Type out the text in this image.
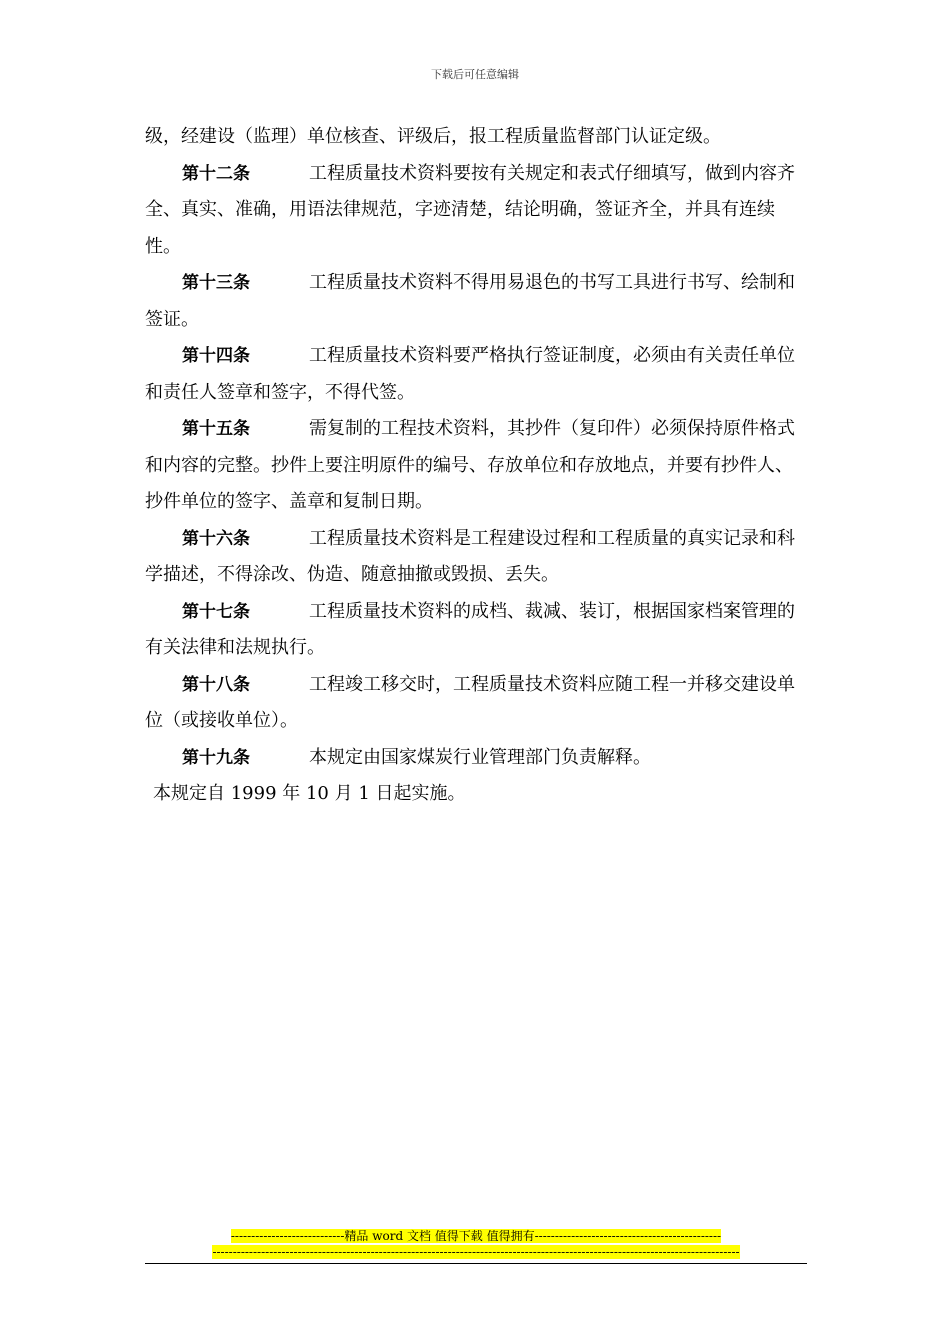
下载后可任意编辑

级，经建设（监理）单位核查、评级后，报工程质量监督部门认证定级。

第十二条	工程质量技术资料要按有关规定和表式仔细填写，做到内容齐全、真实、准确，用语法律规范，字迹清楚，结论明确，签证齐全，并具有连续性。

第十三条	工程质量技术资料不得用易退色的书写工具进行书写、绘制和签证。

第十四条	工程质量技术资料要严格执行签证制度，必须由有关责任单位和责任人签章和签字，不得代签。

第十五条	需复制的工程技术资料，其抄件（复印件）必须保持原件格式和内容的完整。抄件上要注明原件的编号、存放单位和存放地点，并要有抄件人、抄件单位的签字、盖章和复制日期。

第十六条	工程质量技术资料是工程建设过程和工程质量的真实记录和科学描述，不得涂改、伪造、随意抽撤或毁损、丢失。

第十七条	工程质量技术资料的成档、裁减、装订，根据国家档案管理的有关法律和法规执行。

第十八条	工程竣工移交时，工程质量技术资料应随工程一并移交建设单位（或接收单位）。

第十九条	本规定由国家煤炭行业管理部门负责解释。

本规定自 1999 年 10 月 1 日起实施。

----------------------------精品 word 文档 值得下载 值得拥有----------------------------------------------
----------------------------------------------------------------------------------------------------------------------------------
